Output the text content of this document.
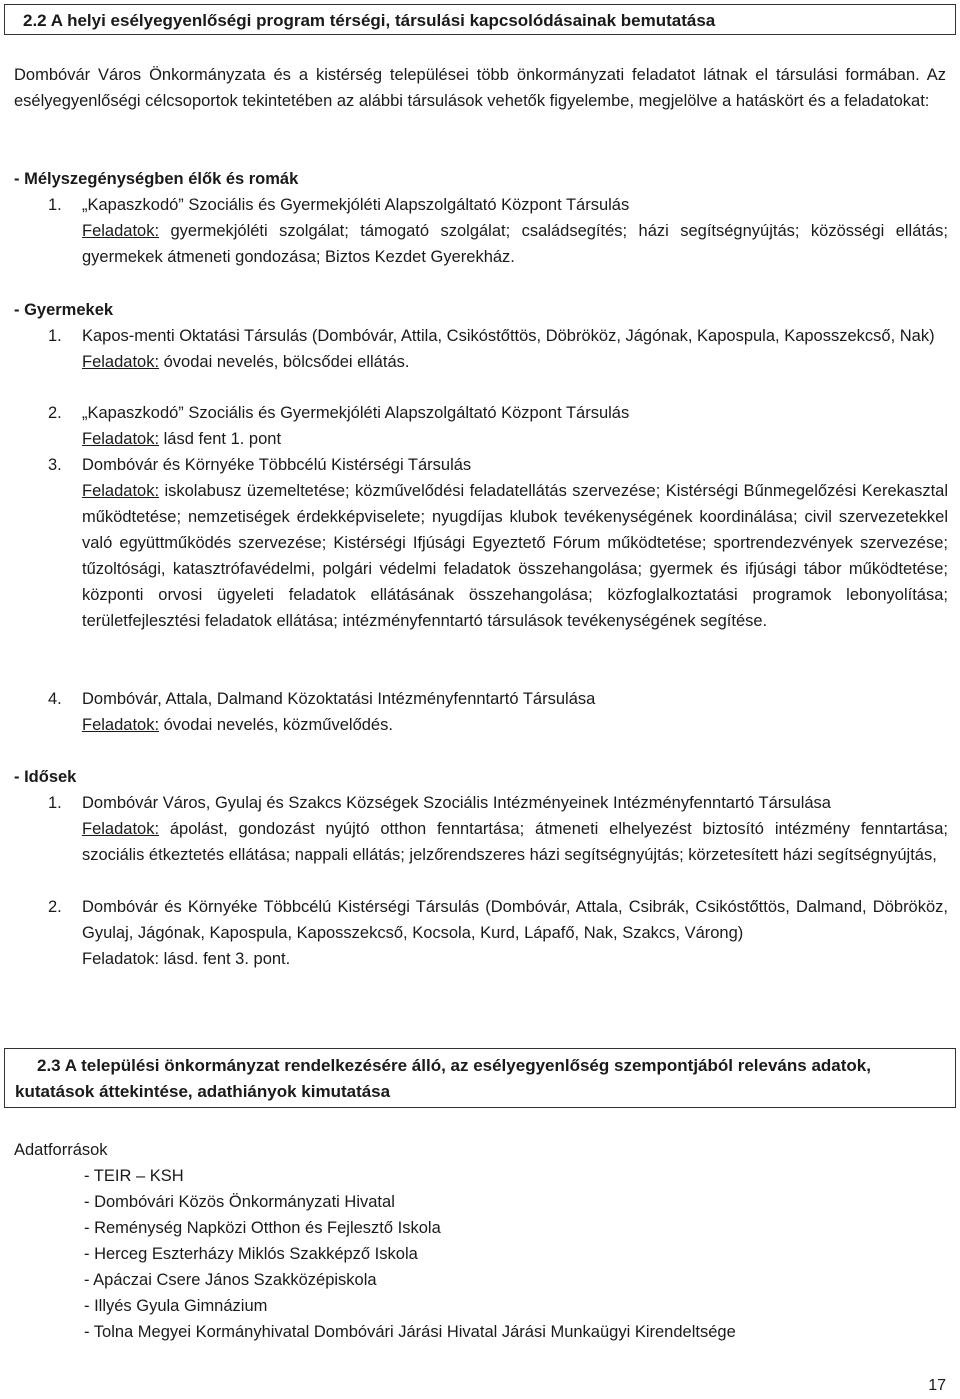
2.2 A helyi esélyegyenlőségi program térségi, társulási kapcsolódásainak bemutatása
Dombóvár Város Önkormányzata és a kistérség települései több önkormányzati feladatot látnak el társulási formában. Az esélyegyenlőségi célcsoportok tekintetében az alábbi társulások vehetők figyelembe, megjelölve a hatáskört és a feladatokat:
- Mélyszegénységben élők és romák
1.	„Kapaszkodó” Szociális és Gyermekjóléti Alapszolgáltató Központ Társulás
Feladatok: gyermekjóléti szolgálat; támogató szolgálat; családsegítés; házi segítségnyújtás; közösségi ellátás; gyermekek átmeneti gondozása; Biztos Kezdet Gyerekház.
- Gyermekek
1.	Kapos-menti Oktatási Társulás (Dombóvár, Attila, Csikóstőttös, Döbrököz, Jágónak, Kapospula, Kaposszekcső, Nak)
Feladatok: óvodai nevelés, bölcsődei ellátás.
2.	„Kapaszkodó” Szociális és Gyermekjóléti Alapszolgáltató Központ Társulás
Feladatok: lásd fent 1. pont
3.	Dombóvár és Környéke Többcélú Kistérségi Társulás
Feladatok: iskolabusz üzemeltetése; közművelődési feladatellátás szervezése; Kistérségi Bűnmegelőzési Kerekasztal működtetése; nemzetiségek érdekképviselete; nyugdíjas klubok tevékenységének koordinálása; civil szervezetekkel való együttműködés szervezése; Kistérségi Ifjúsági Egyeztető Fórum működtetése; sportrendezvények szervezése; tűzoltósági, katasztrófavédelmi, polgári védelmi feladatok összehangolása; gyermek és ifjúsági tábor működtetése; központi orvosi ügyeleti feladatok ellátásának összehangolása; közfoglalkoztatási programok lebonyolítása; területfejlesztési feladatok ellátása; intézményfenntartó társulások tevékenységének segítése.
4.	Dombóvár, Attala, Dalmand Közoktatási Intézményfenntartó Társulása
Feladatok: óvodai nevelés, közművelődés.
- Idősek
1.	Dombóvár Város, Gyulaj és Szakcs Községek Szociális Intézményeinek Intézményfenntartó Társulása
Feladatok: ápolást, gondozást nyújtó otthon fenntartása; átmeneti elhelyezést biztosító intézmény fenntartása; szociális étkeztetés ellátása; nappali ellátás; jelzőrendszeres házi segítségnyújtás; körzetesített házi segítségnyújtás,
2.	Dombóvár és Környéke Többcélú Kistérségi Társulás (Dombóvár, Attala, Csibrák, Csikóstőttös, Dalmand, Döbrököz, Gyulaj, Jágónak, Kapospula, Kaposszekcső, Kocsola, Kurd, Lápafő, Nak, Szakcs, Várong)
Feladatok: lásd. fent 3. pont.
2.3 A települési önkormányzat rendelkezésére álló, az esélyegyenlőség szempontjából releváns adatok,
kutatások áttekintése, adathiányok kimutatása
Adatforrások
- TEIR – KSH
- Dombóvári Közös Önkormányzati Hivatal
- Reménység Napközi Otthon és Fejlesztő Iskola
- Herceg Eszterházy Miklós Szakképző Iskola
- Apáczai Csere János Szakközépiskola
- Illyés Gyula Gimnázium
- Tolna Megyei Kormányhivatal Dombóvári Járási Hivatal Járási Munkaügyi Kirendeltsége
17
